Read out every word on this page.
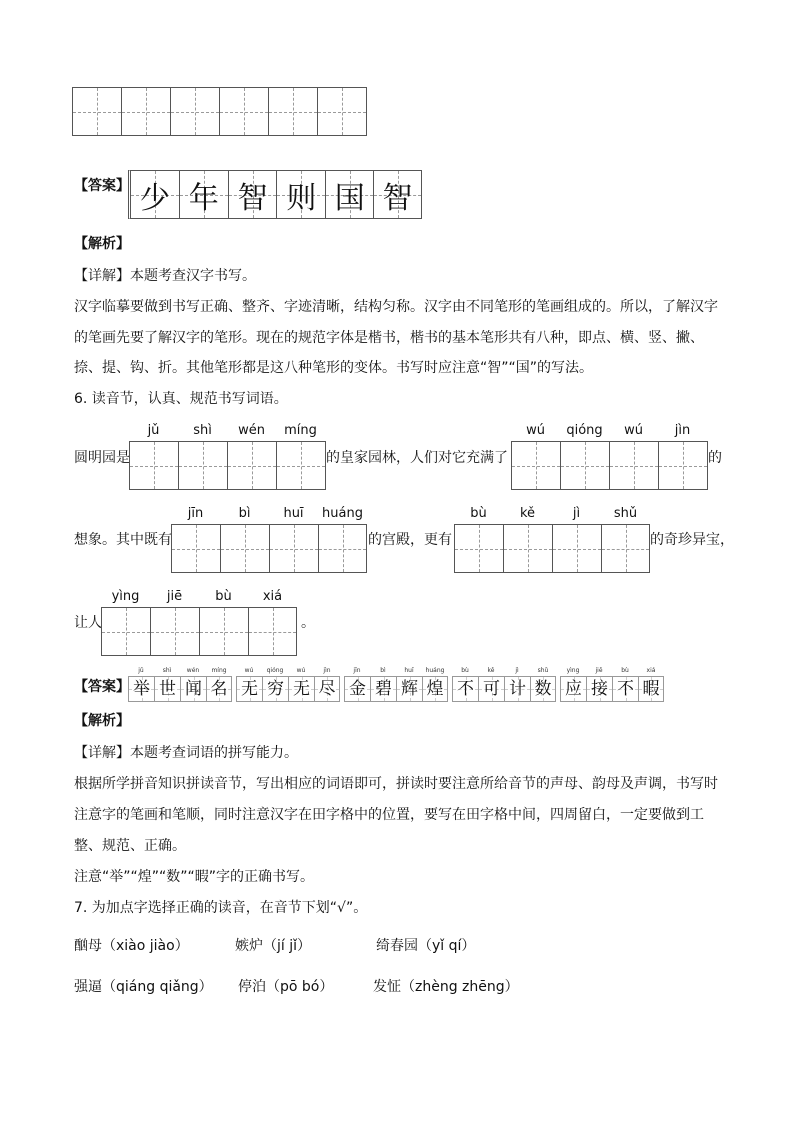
【答案】 少 年 智 则 国 智
【解析】
【详解】本题考查汉字书写。
汉字临摹要做到书写正确、整齐、字迹清晰，结构匀称。汉字由不同笔形的笔画组成的。所以，了解汉字
的笔画先要了解汉字的笔形。现在的规范字体是楷书，楷书的基本笔形共有八种，即点、横、竖、撇、
捺、提、钩、折。其他笔形都是这八种笔形的变体。书写时应注意“智”“国”的写法。
6. 读音节，认真、规范书写词语。
jǔ	shì	wén	míng
圆明园是	的皇家园林，人们对它充满了
wú	qióng	wú	jìn
的
jīn	bì	huī	huáng
想象。其中既有	的宫殿，更有
bù	kě	jì	shǔ
的奇珍异宝，
yìng	jiē	bù	xiá
让人	。
【答案】
jǔ
举
shì
世
wén
闻
míng
名
wú
无
qióng
穷
wú
无
jìn
尽
jīn
金
bì
碧
huī
辉
huáng
煌
bù
不
kě
可
jì
计
shǔ
数
yìng
应
jiē
接
bù
不
xiá
暇
【解析】
【详解】本题考查词语的拼写能力。
根据所学拼音知识拼读音节，写出相应的词语即可，拼读时要注意所给音节的声母、韵母及声调，书写时
注意字的笔画和笔顺，同时注意汉字在田字格中的位置，要写在田字格中间，四周留白，一定要做到工
整、规范、正确。
注意“举”“煌”“数”“暇”字的正确书写。
7. 为加点字选择正确的读音，在音节下划“√”。
酗母（xiào jiào）	嫉炉（jí jǐ）	绮春园（yǐ qí）
强逼（qiáng qiǎng） 停泊（pō bó）	发怔（zhèng zhēng）
